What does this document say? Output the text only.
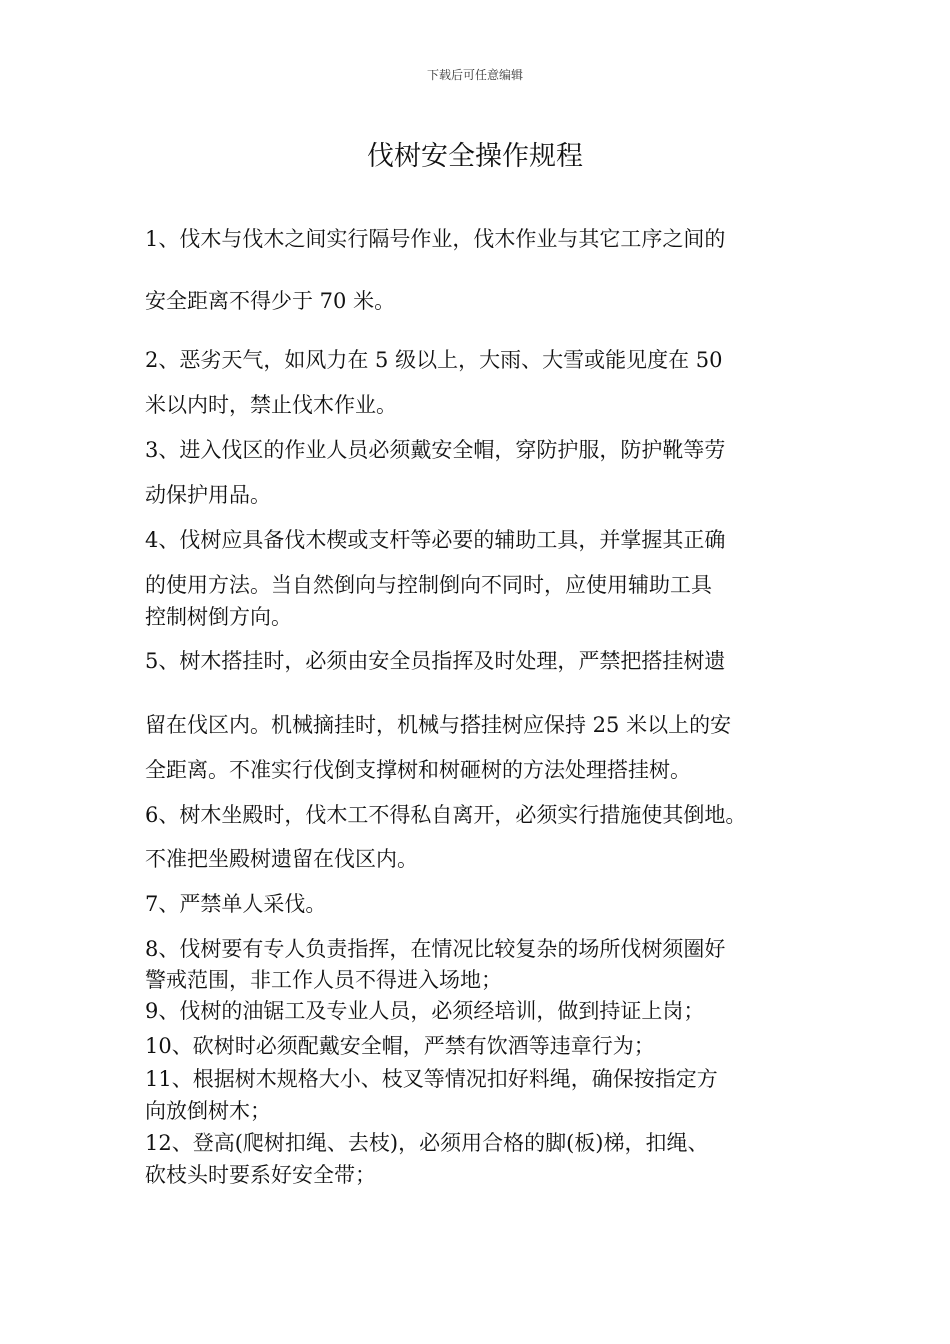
下载后可任意编辑
伐树安全操作规程
1、伐木与伐木之间实行隔号作业，伐木作业与其它工序之间的
安全距离不得少于 70 米。
2、恶劣天气，如风力在 5 级以上，大雨、大雪或能见度在 50
米以内时，禁止伐木作业。
3、进入伐区的作业人员必须戴安全帽，穿防护服，防护靴等劳
动保护用品。
4、伐树应具备伐木楔或支杆等必要的辅助工具，并掌握其正确
的使用方法。当自然倒向与控制倒向不同时，应使用辅助工具
控制树倒方向。
5、树木搭挂时，必须由安全员指挥及时处理，严禁把搭挂树遗
留在伐区内。机械摘挂时，机械与搭挂树应保持 25 米以上的安
全距离。不准实行伐倒支撑树和树砸树的方法处理搭挂树。
6、树木坐殿时，伐木工不得私自离开，必须实行措施使其倒地。
不准把坐殿树遗留在伐区内。
7、严禁单人采伐。
8、伐树要有专人负责指挥，在情况比较复杂的场所伐树须圈好
警戒范围，非工作人员不得进入场地；
9、伐树的油锯工及专业人员，必须经培训，做到持证上岗；
10、砍树时必须配戴安全帽，严禁有饮酒等违章行为；
11、根据树木规格大小、枝叉等情况扣好料绳，确保按指定方
向放倒树木；
12、登高(爬树扣绳、去枝)，必须用合格的脚(板)梯，扣绳、
砍枝头时要系好安全带；
